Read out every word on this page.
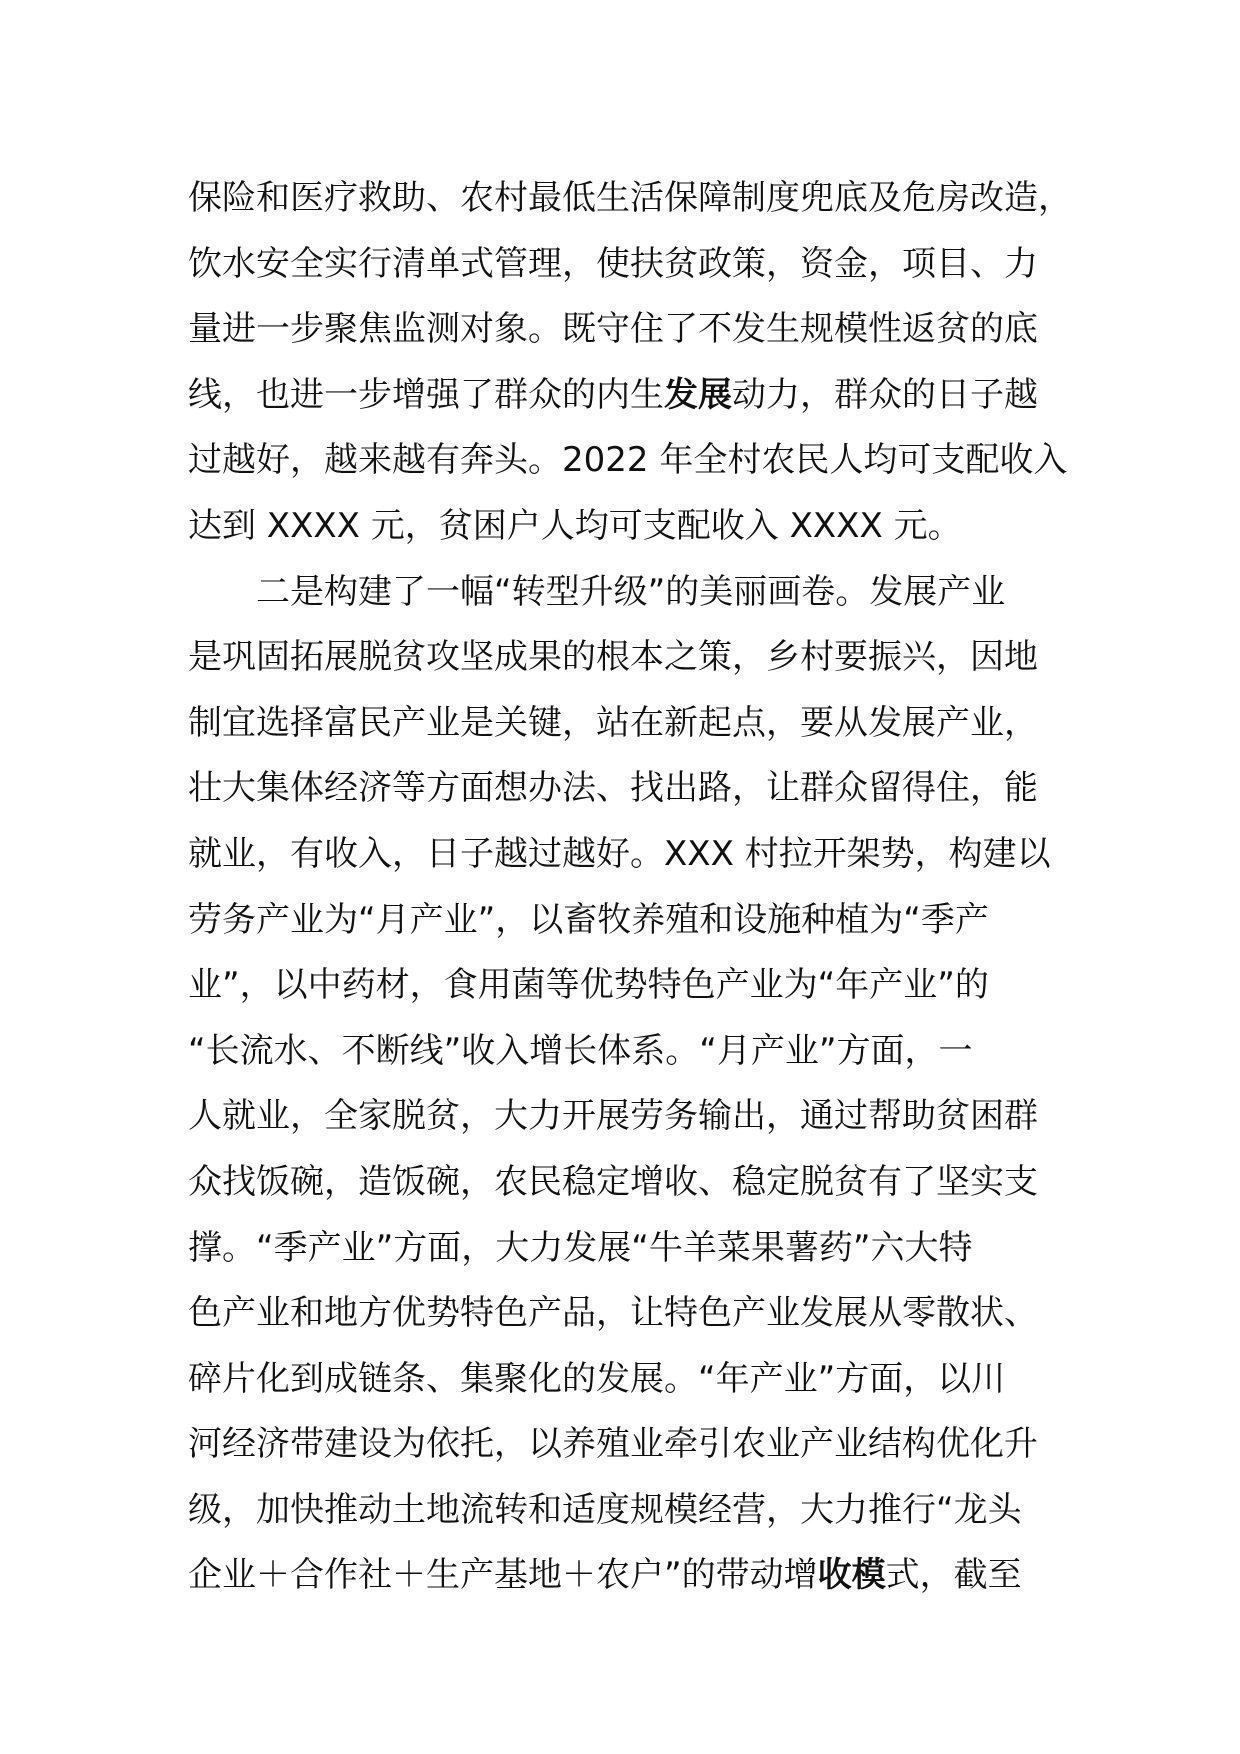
保险和医疗救助、农村最低生活保障制度兜底及危房改造，
饮水安全实行清单式管理，使扶贫政策，资金，项目、力
量进一步聚焦监测对象。既守住了不发生规模性返贫的底
线，也进一步增强了群众的内生发展动力，群众的日子越
过越好，越来越有奔头。2022 年全村农民人均可支配收入
达到 XXXX 元，贫困户人均可支配收入 XXXX 元。
二是构建了一幅“转型升级”的美丽画卷。发展产业
是巩固拓展脱贫攻坚成果的根本之策，乡村要振兴，因地
制宜选择富民产业是关键，站在新起点，要从发展产业，
壮大集体经济等方面想办法、找出路，让群众留得住，能
就业，有收入，日子越过越好。XXX 村拉开架势，构建以
劳务产业为“月产业”，以畜牧养殖和设施种植为“季产
业”，以中药材，食用菌等优势特色产业为“年产业”的
“长流水、不断线”收入增长体系。“月产业”方面，一
人就业，全家脱贫，大力开展劳务输出，通过帮助贫困群
众找饭碗，造饭碗，农民稳定增收、稳定脱贫有了坚实支
撑。“季产业”方面，大力发展“牛羊菜果薯药”六大特
色产业和地方优势特色产品，让特色产业发展从零散状、
碎片化到成链条、集聚化的发展。“年产业”方面，以川
河经济带建设为依托，以养殖业牵引农业产业结构优化升
级，加快推动土地流转和适度规模经营，大力推行“龙头
企业＋合作社＋生产基地＋农户”的带动增收模式，截至
